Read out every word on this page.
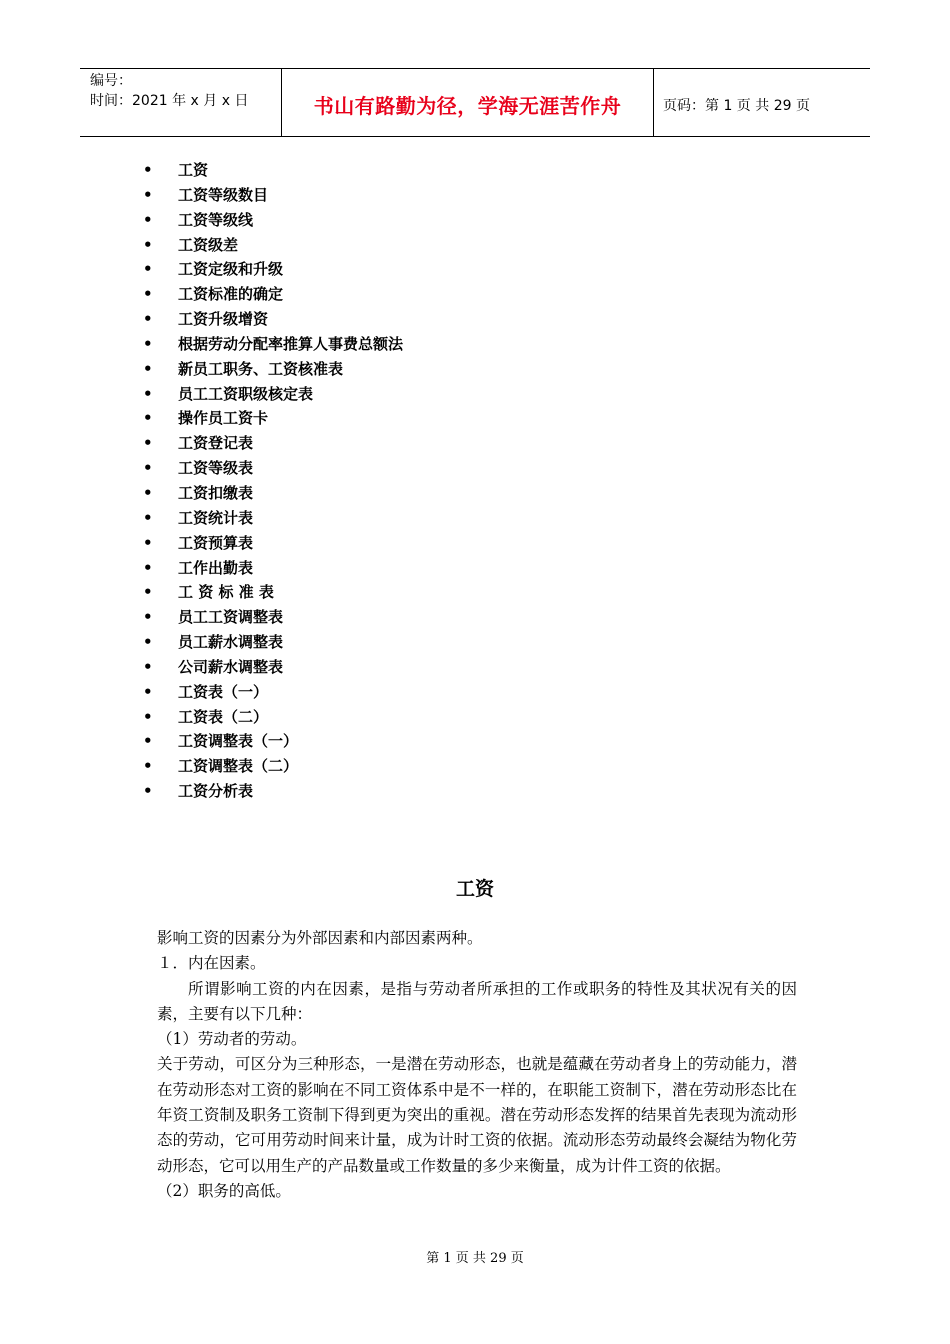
编号：
时间：2021 年 x 月 x 日	书山有路勤为径，学海无涯苦作舟	页码：第 1 页 共 29 页
• 工资
• 工资等级数目
• 工资等级线
• 工资级差
• 工资定级和升级
• 工资标准的确定
• 工资升级增资
• 根据劳动分配率推算人事费总额法
• 新员工职务、工资核准表
• 员工工资职级核定表
• 操作员工资卡
• 工资登记表
• 工资等级表
• 工资扣缴表
• 工资统计表
• 工资预算表
• 工作出勤表
• 工 资 标 准 表
• 员工工资调整表
• 员工薪水调整表
• 公司薪水调整表
• 工资表（一）
• 工资表（二）
• 工资调整表（一）
• 工资调整表（二）
• 工资分析表
工资

影响工资的因素分为外部因素和内部因素两种。

１．内在因素。

所谓影响工资的内在因素，是指与劳动者所承担的工作或职务的特性及其状况有关的因素，主要有以下几种：

（1）劳动者的劳动。

关于劳动，可区分为三种形态，一是潜在劳动形态，也就是蕴藏在劳动者身上的劳动能力，潜在劳动形态对工资的影响在不同工资体系中是不一样的，在职能工资制下，潜在劳动形态比在年资工资制及职务工资制下得到更为突出的重视。潜在劳动形态发挥的结果首先表现为流动形态的劳动，它可用劳动时间来计量，成为计时工资的依据。流动形态劳动最终会凝结为物化劳动形态，它可以用生产的产品数量或工作数量的多少来衡量，成为计件工资的依据。

（2）职务的高低。

第 1 页 共 29 页
